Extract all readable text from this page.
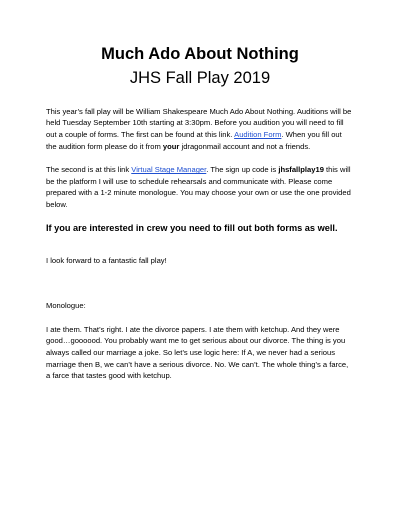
Much Ado About Nothing
JHS Fall Play 2019

This year’s fall play will be William Shakespeare Much Ado About Nothing. Auditions will be held Tuesday September 10th starting at 3:30pm. Before you audition you will need to fill out a couple of forms. The first can be found at this link. Audition Form. When you fill out the audition form please do it from your jdragonmail account and not a friends.

The second is at this link Virtual Stage Manager. The sign up code is jhsfallplay19 this will be the platform I will use to schedule rehearsals and communicate with. Please come prepared with a 1-2 minute monologue. You may choose your own or use the one provided below.

If you are interested in crew you need to fill out both forms as well.

I look forward to a fantastic fall play!

Monologue:

I ate them. That’s right. I ate the divorce papers. I ate them with ketchup. And they were good…goooood. You probably want me to get serious about our divorce. The thing is you always called our marriage a joke. So let’s use logic here: If A, we never had a serious marriage then B, we can’t have a serious divorce. No. We can’t. The whole thing’s a farce, a farce that tastes good with ketchup.
